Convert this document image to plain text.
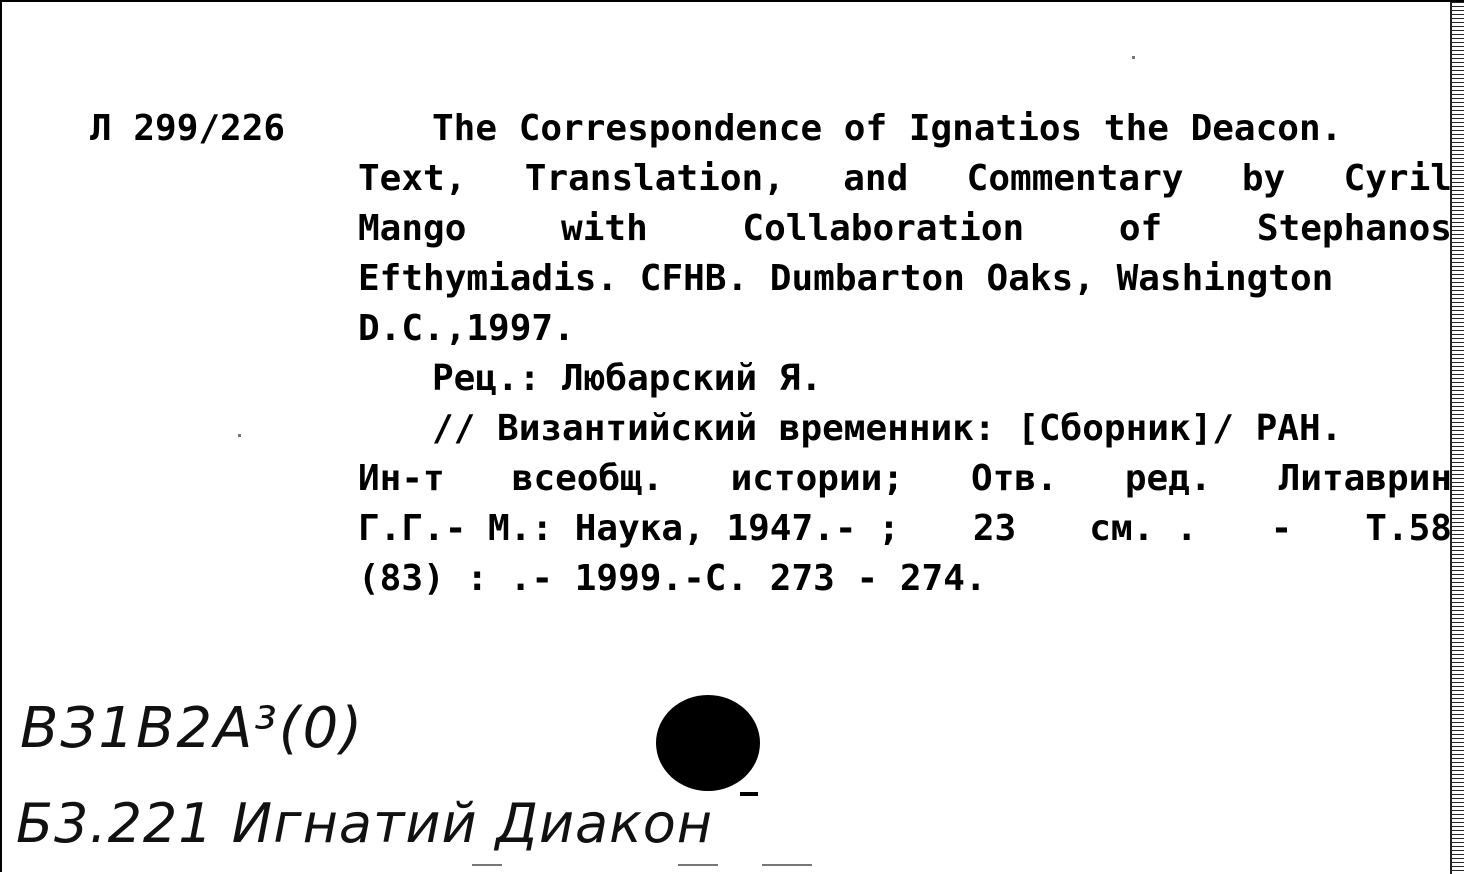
Л 299/226	The Correspondence of Ignatios the Deacon.
Text, Translation, and Commentary by Cyril
Mango	with	Collaboration	of	Stephanos
Efthymiadis. CFHB. Dumbarton Oaks, Washington
D.C.,1997.
Рец.: Любарский Я.
// Византийский временник: [Сборник]/ РАН.
Ин-т всеобщ. истории; Отв. ред. Литаврин
Г.Г.- М.: Наука, 1947.- ; 23 см. . - Т.58
(83) : .- 1999.-С. 273 - 274.
ВЗ1В2А³(0)
Б3.221 Игнатий Диакон
